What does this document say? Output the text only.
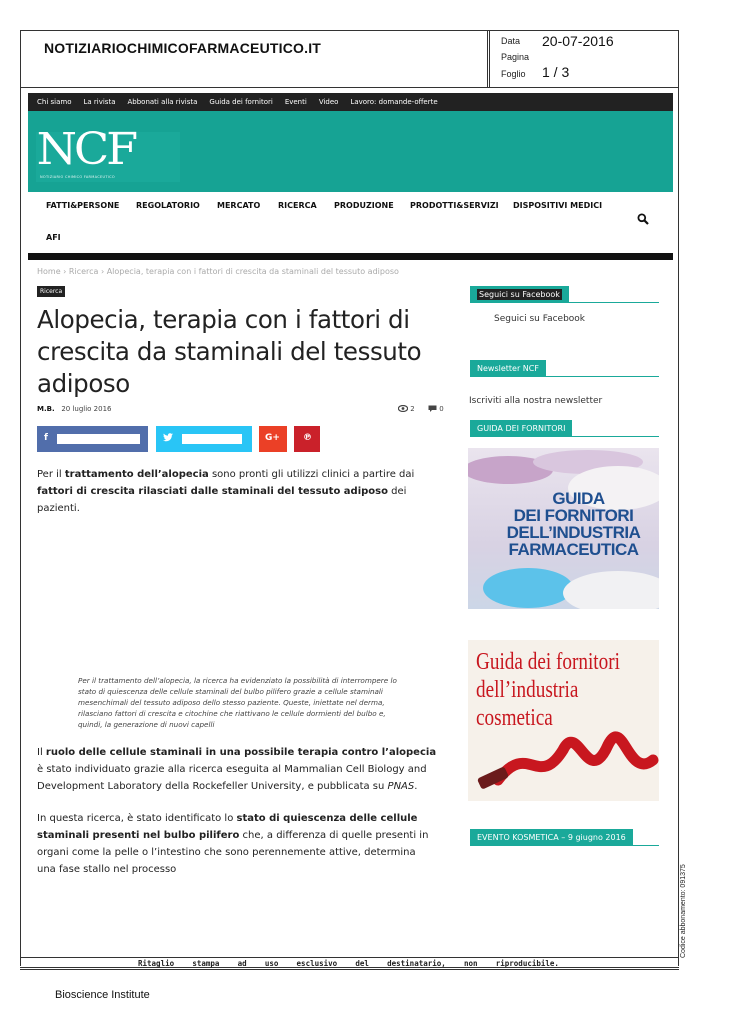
NOTIZIARIOCHIMICOFARMACEUTICO.IT	Data 20-07-2016
Pagina
Foglio 1 / 3
Chi siamo La rivista Abbonati alla rivista Guida dei fornitori Eventi Video Lavoro: domande-offerte
NCF
NOTIZIARIO CHIMICO FARMACEUTICO
FATTI&PERSONE REGOLATORIO MERCATO RICERCA PRODUZIONE PRODOTTI&SERVIZI DISPOSITIVI MEDICI
AFI
Home › Ricerca › Alopecia, terapia con i fattori di crescita da staminali del tessuto adiposo
Ricerca
Alopecia, terapia con i fattori di crescita da staminali del tessuto adiposo
M.B. 20 luglio 2016	2	0
f	G+	℗

Per il trattamento dell’alopecia sono pronti gli utilizzi clinici a partire dai fattori di crescita rilasciati dalle staminali del tessuto adiposo dei pazienti.

Per il trattamento dell’alopecia, la ricerca ha evidenziato la possibilità di interrompere lo stato di quiescenza delle cellule staminali del bulbo pilifero grazie a cellule staminali mesenchimali del tessuto adiposo dello stesso paziente. Queste, iniettate nel derma, rilasciano fattori di crescita e citochine che riattivano le cellule dormienti del bulbo e, quindi, la generazione di nuovi capelli

Il ruolo delle cellule staminali in una possibile terapia contro l’alopecia è stato individuato grazie alla ricerca eseguita al Mammalian Cell Biology and Development Laboratory della Rockefeller University, e pubblicata su PNAS.

In questa ricerca, è stato identificato lo stato di quiescenza delle cellule staminali presenti nel bulbo pilifero che, a differenza di quelle presenti in organi come la pelle o l’intestino che sono perennemente attive, determina una fase stallo nel processo

Seguici su Facebook
Seguici su Facebook
Newsletter NCF
Iscriviti alla nostra newsletter
GUIDA DEI FORNITORI
GUIDA
DEI FORNITORI
DELL’INDUSTRIA
FARMACEUTICA
Guida dei fornitori
dell’industria
cosmetica
EVENTO KOSMETICA – 9 giugno 2016
Ritaglio stampa ad uso esclusivo del destinatario, non riproducibile.
Codice abbonamento: 091375
Bioscience Institute
